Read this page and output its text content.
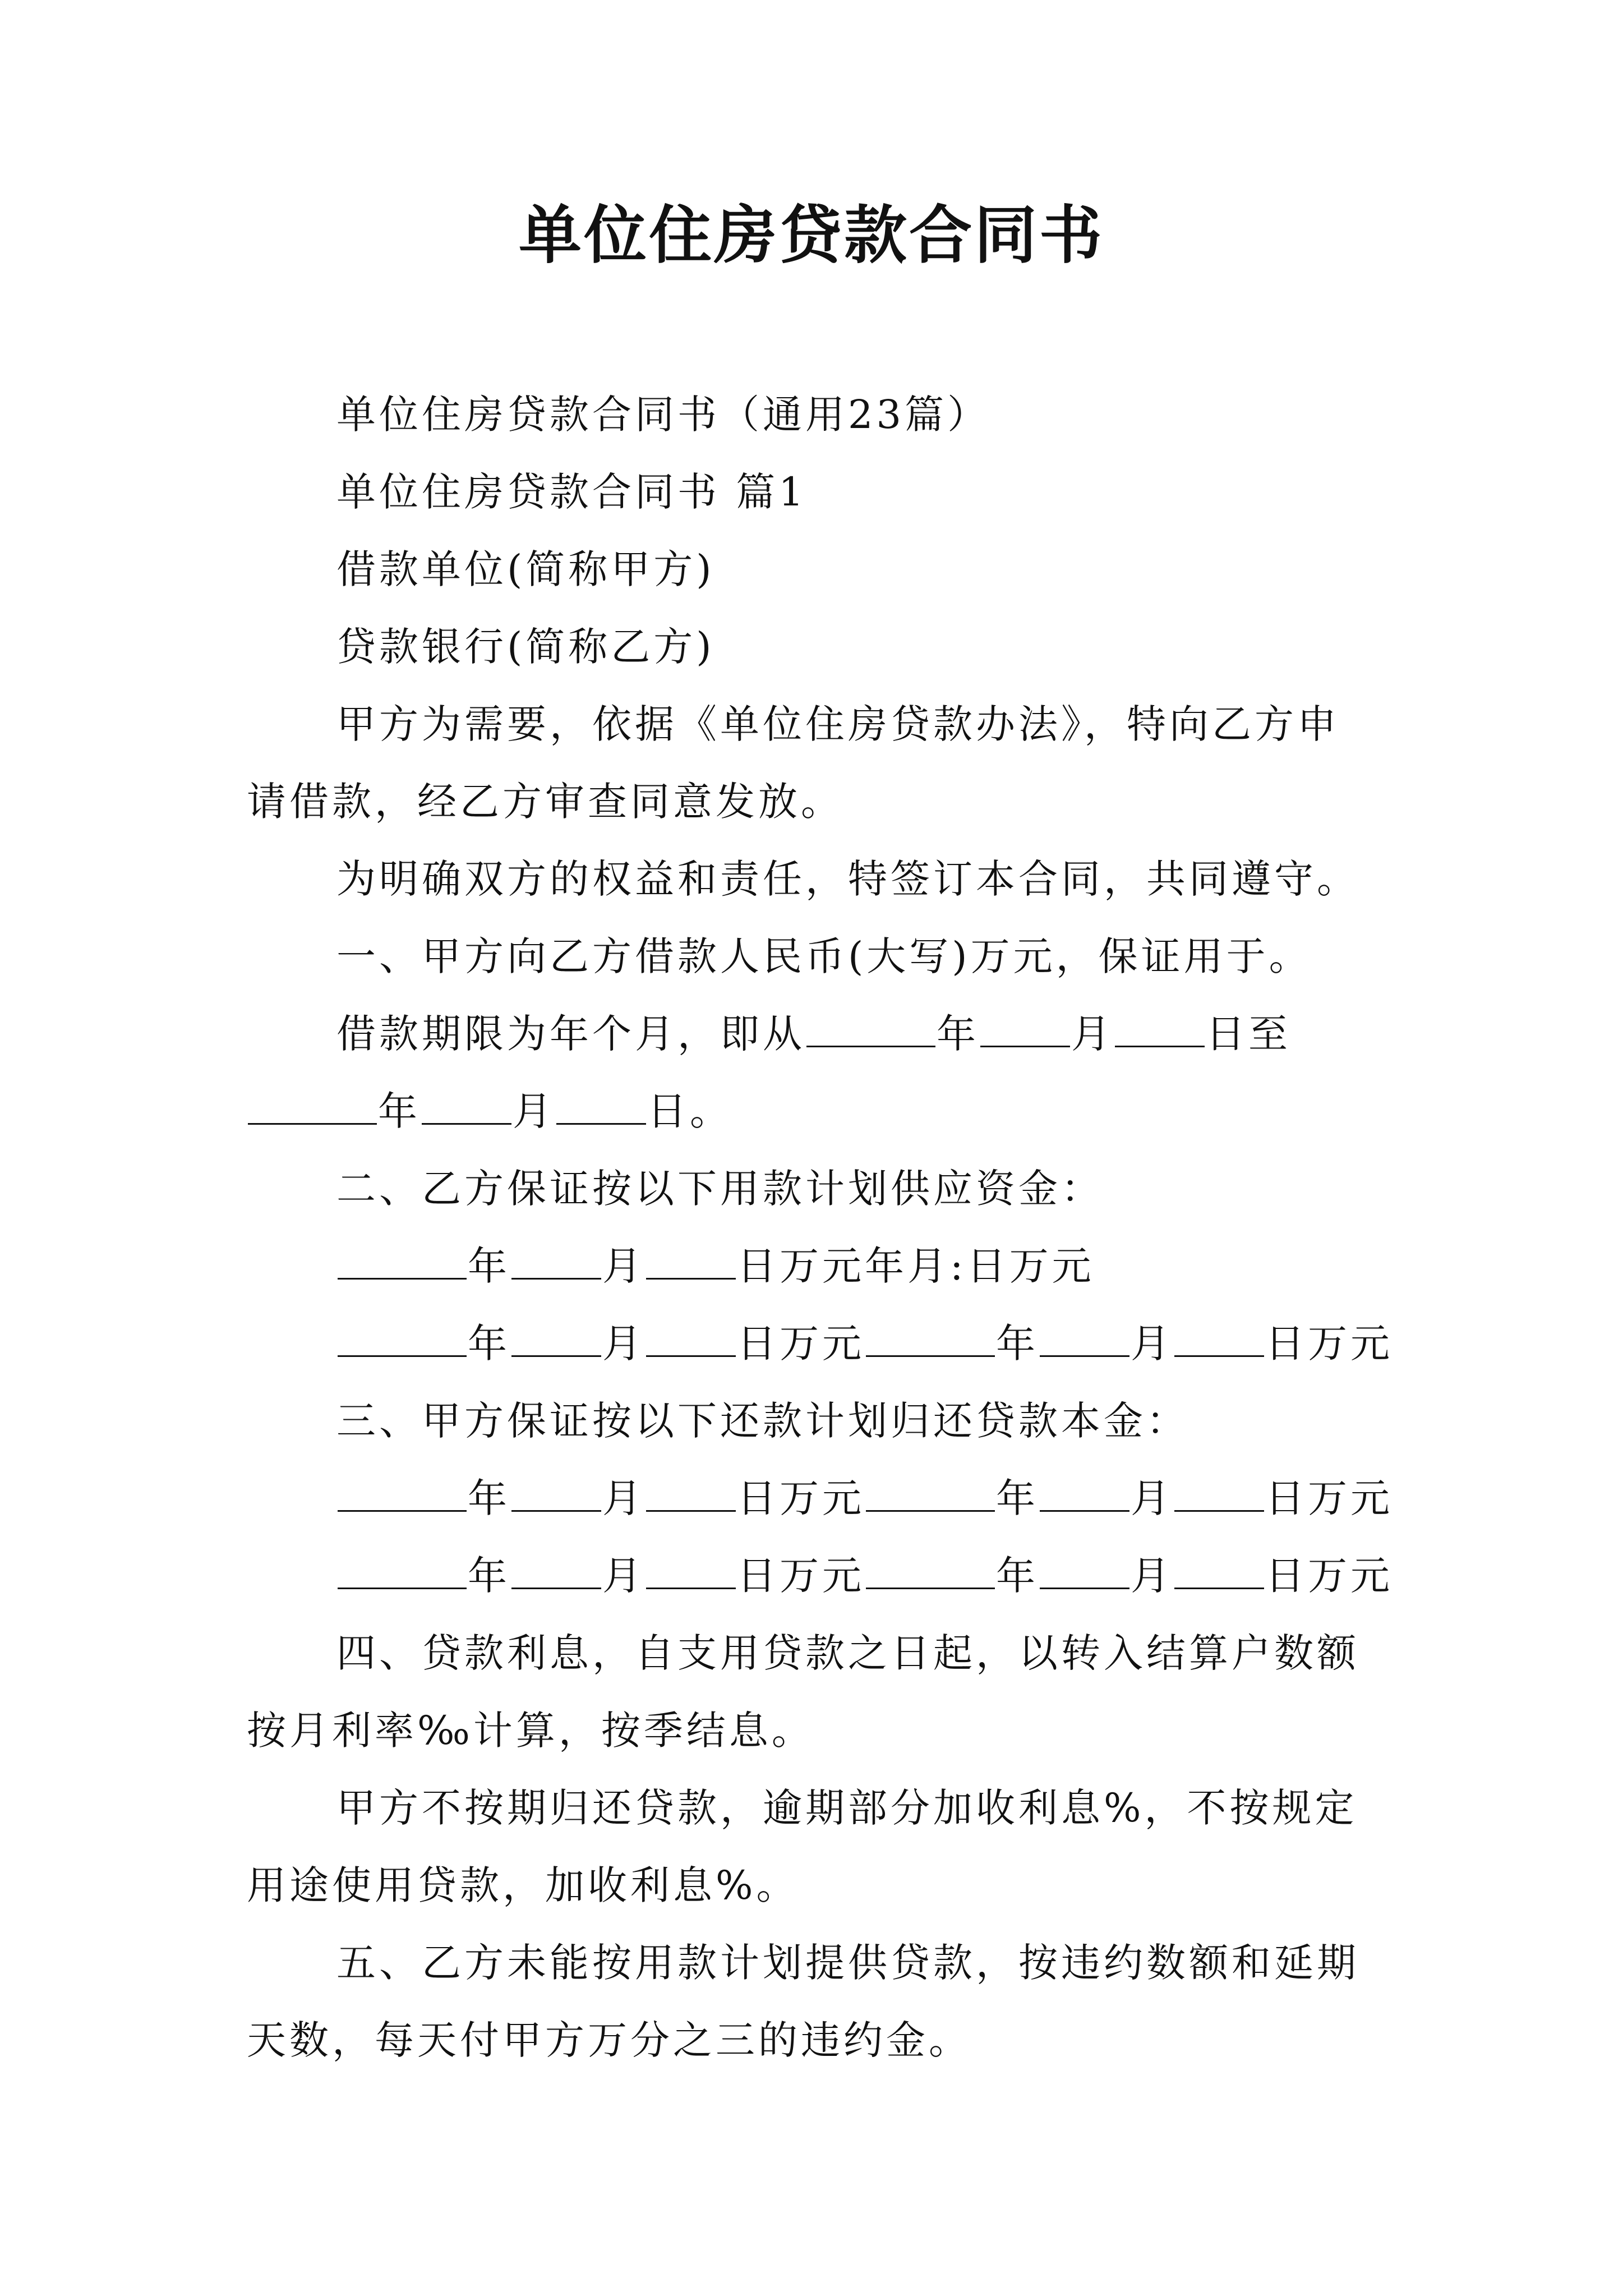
单位住房贷款合同书

单位住房贷款合同书（通用23篇）

单位住房贷款合同书 篇1

借款单位(简称甲方)

贷款银行(简称乙方)

甲方为需要，依据《单位住房贷款办法》，特向乙方申请借款，经乙方审查同意发放。

为明确双方的权益和责任，特签订本合同，共同遵守。

一、甲方向乙方借款人民币(大写)万元，保证用于。

借款期限为年个月，即从	年 月 日至年 月 日。

二、乙方保证按以下用款计划供应资金：

年 月 日万元年月:日万元

年 月 日万元	年 月 日万元

三、甲方保证按以下还款计划归还贷款本金：

年 月 日万元	年 月 日万元

年 月 日万元	年 月 日万元

四、贷款利息，自支用贷款之日起，以转入结算户数额按月利率‰计算，按季结息。

甲方不按期归还贷款，逾期部分加收利息%，不按规定用途使用贷款，加收利息%。

五、乙方未能按用款计划提供贷款，按违约数额和延期天数，每天付甲方万分之三的违约金。
